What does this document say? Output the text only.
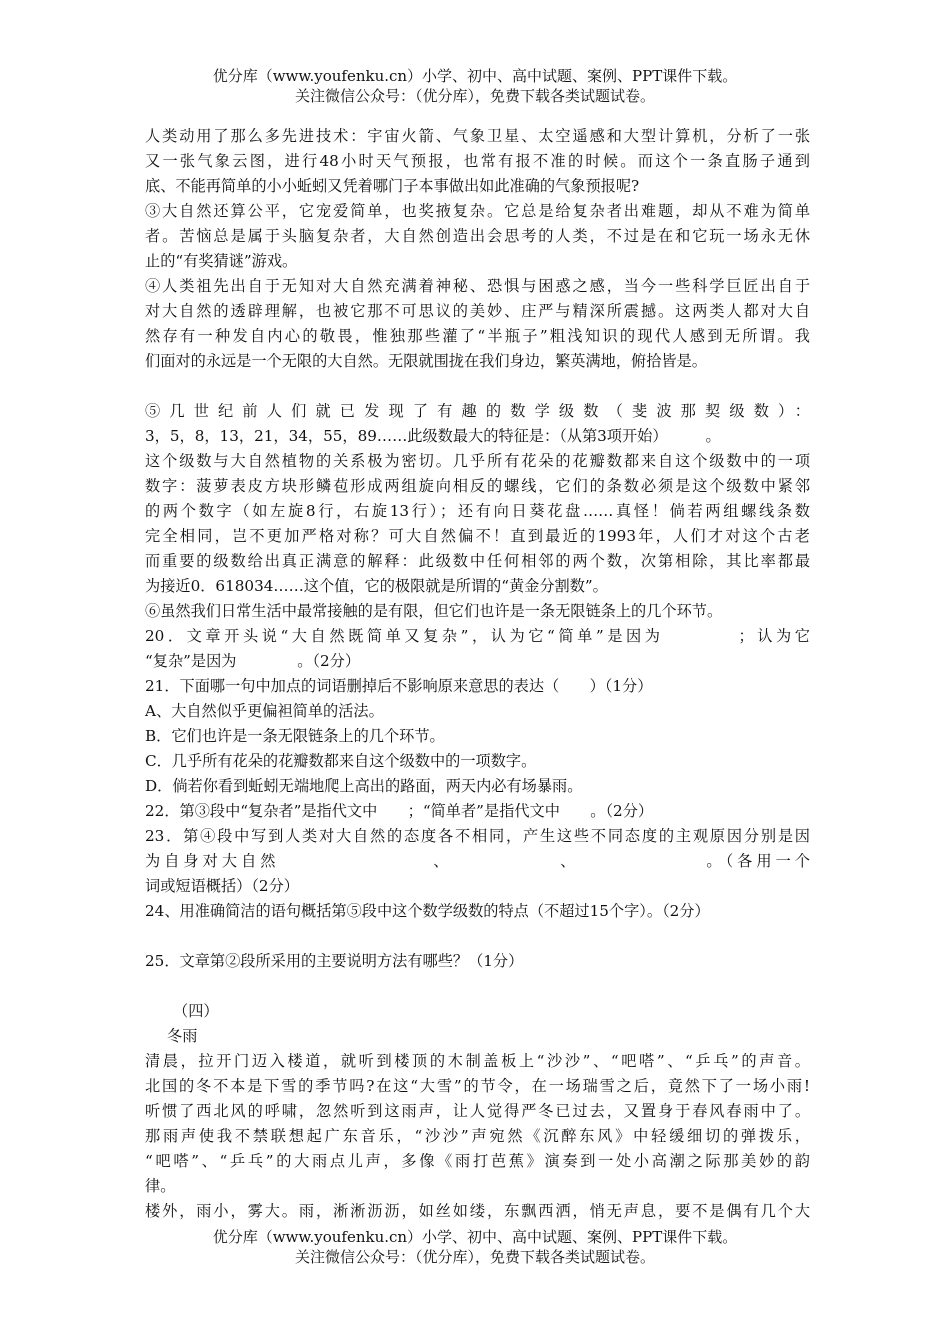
优分库（www.youfenku.cn）小学、初中、高中试题、案例、PPT课件下载。
关注微信公众号：（优分库），免费下载各类试题试卷。

人类动用了那么多先进技术：宇宙火箭、气象卫星、太空遥感和大型计算机，分析了一张

又一张气象云图，进行48小时天气预报，也常有报不准的时候。而这个一条直肠子通到

底、不能再简单的小小蚯蚓又凭着哪门子本事做出如此准确的气象预报呢?

③大自然还算公平，它宠爱简单，也奖掖复杂。它总是给复杂者出难题，却从不难为简单

者。苦恼总是属于头脑复杂者，大自然创造出会思考的人类，不过是在和它玩一场永无休

止的“有奖猜谜”游戏。

④人类祖先出自于无知对大自然充满着神秘、恐惧与困惑之感，当今一些科学巨匠出自于

对大自然的透辟理解，也被它那不可思议的美妙、庄严与精深所震撼。这两类人都对大自

然存有一种发自内心的敬畏，惟独那些灌了“半瓶子”粗浅知识的现代人感到无所谓。我

们面对的永远是一个无限的大自然。无限就围拢在我们身边，繁英满地，俯拾皆是。

⑤几世纪前人们就已发现了有趣的数学级数（斐波那契级数）：

3，5，8，13，21，34，55，89……此级数最大的特征是：（从第3项开始）　　　。

这个级数与大自然植物的关系极为密切。几乎所有花朵的花瓣数都来自这个级数中的一项

数字：菠萝表皮方块形鳞苞形成两组旋向相反的螺线，它们的条数必须是这个级数中紧邻

的两个数字（如左旋8行，右旋13行）；还有向日葵花盘……真怪！倘若两组螺线条数

完全相同，岂不更加严格对称？可大自然偏不！直到最近的1993年，人们才对这个古老

而重要的级数给出真正满意的解释：此级数中任何相邻的两个数，次第相除，其比率都最

为接近0．618034……这个值，它的极限就是所谓的“黄金分割数”。

⑥虽然我们日常生活中最常接触的是有限，但它们也许是一条无限链条上的几个环节。

20．文章开头说“大自然既简单又复杂”，认为它“简单”是因为　　　　；认为它

“复杂”是因为　　　　。（2分）

21．下面哪一句中加点的词语删掉后不影响原来意思的表达（　　）（1分）

A、大自然似乎更偏袒简单的活法。

B．它们也许是一条无限链条上的几个环节。

C．几乎所有花朵的花瓣数都来自这个级数中的一项数字。

D．倘若你看到蚯蚓无端地爬上高出的路面，两天内必有场暴雨。

22．第③段中“复杂者”是指代文中　　；“简单者”是指代文中　　。（2分）

23．第④段中写到人类对大自然的态度各不相同，产生这些不同态度的主观原因分别是因

为自身对大自然　　　　　　　　、　　　　　　、　　　　　　　。（各用一个

词或短语概括）（2分）

24、用准确简洁的语句概括第⑤段中这个数学级数的特点（不超过15个字）。（2分）

25．文章第②段所采用的主要说明方法有哪些？（1分）

（四）

冬雨

清晨，拉开门迈入楼道，就听到楼顶的木制盖板上“沙沙”、“吧嗒”、“乒乓”的声音。

北国的冬不本是下雪的季节吗?在这“大雪”的节令，在一场瑞雪之后，竟然下了一场小雨!

听惯了西北风的呼啸，忽然听到这雨声，让人觉得严冬已过去，又置身于春风春雨中了。

那雨声使我不禁联想起广东音乐，“沙沙”声宛然《沉醉东风》中轻缓细切的弹拨乐，

“吧嗒”、“乒乓”的大雨点儿声，多像《雨打芭蕉》演奏到一处小高潮之际那美妙的韵

律。

楼外，雨小，雾大。雨，淅淅沥沥，如丝如缕，东飘西洒，悄无声息，要不是偶有几个大

优分库（www.youfenku.cn）小学、初中、高中试题、案例、PPT课件下载。
关注微信公众号：（优分库），免费下载各类试题试卷。
